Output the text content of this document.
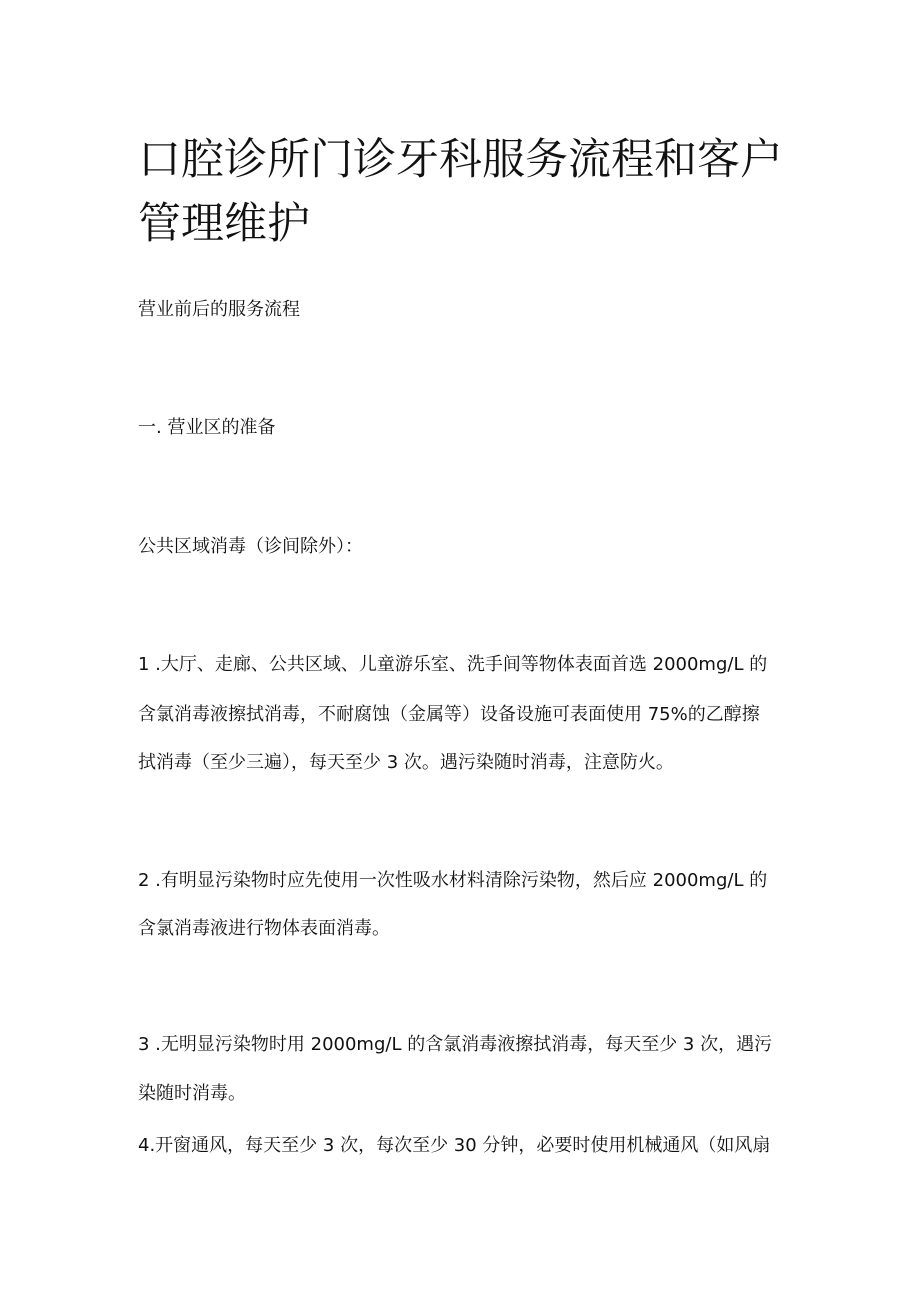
口腔诊所门诊牙科服务流程和客户
管理维护

营业前后的服务流程

一. 营业区的准备

公共区域消毒（诊间除外）：

1 .大厅、走廊、公共区域、儿童游乐室、洗手间等物体表面首选 2000mg/L 的

含氯消毒液擦拭消毒，不耐腐蚀（金属等）设备设施可表面使用 75%的乙醇擦

拭消毒（至少三遍），每天至少 3 次。遇污染随时消毒，注意防火。

2 .有明显污染物时应先使用一次性吸水材料清除污染物，然后应 2000mg/L 的

含氯消毒液进行物体表面消毒。

3 .无明显污染物时用 2000mg/L 的含氯消毒液擦拭消毒，每天至少 3 次，遇污

染随时消毒。

4.开窗通风，每天至少 3 次，每次至少 30 分钟，必要时使用机械通风（如风扇
